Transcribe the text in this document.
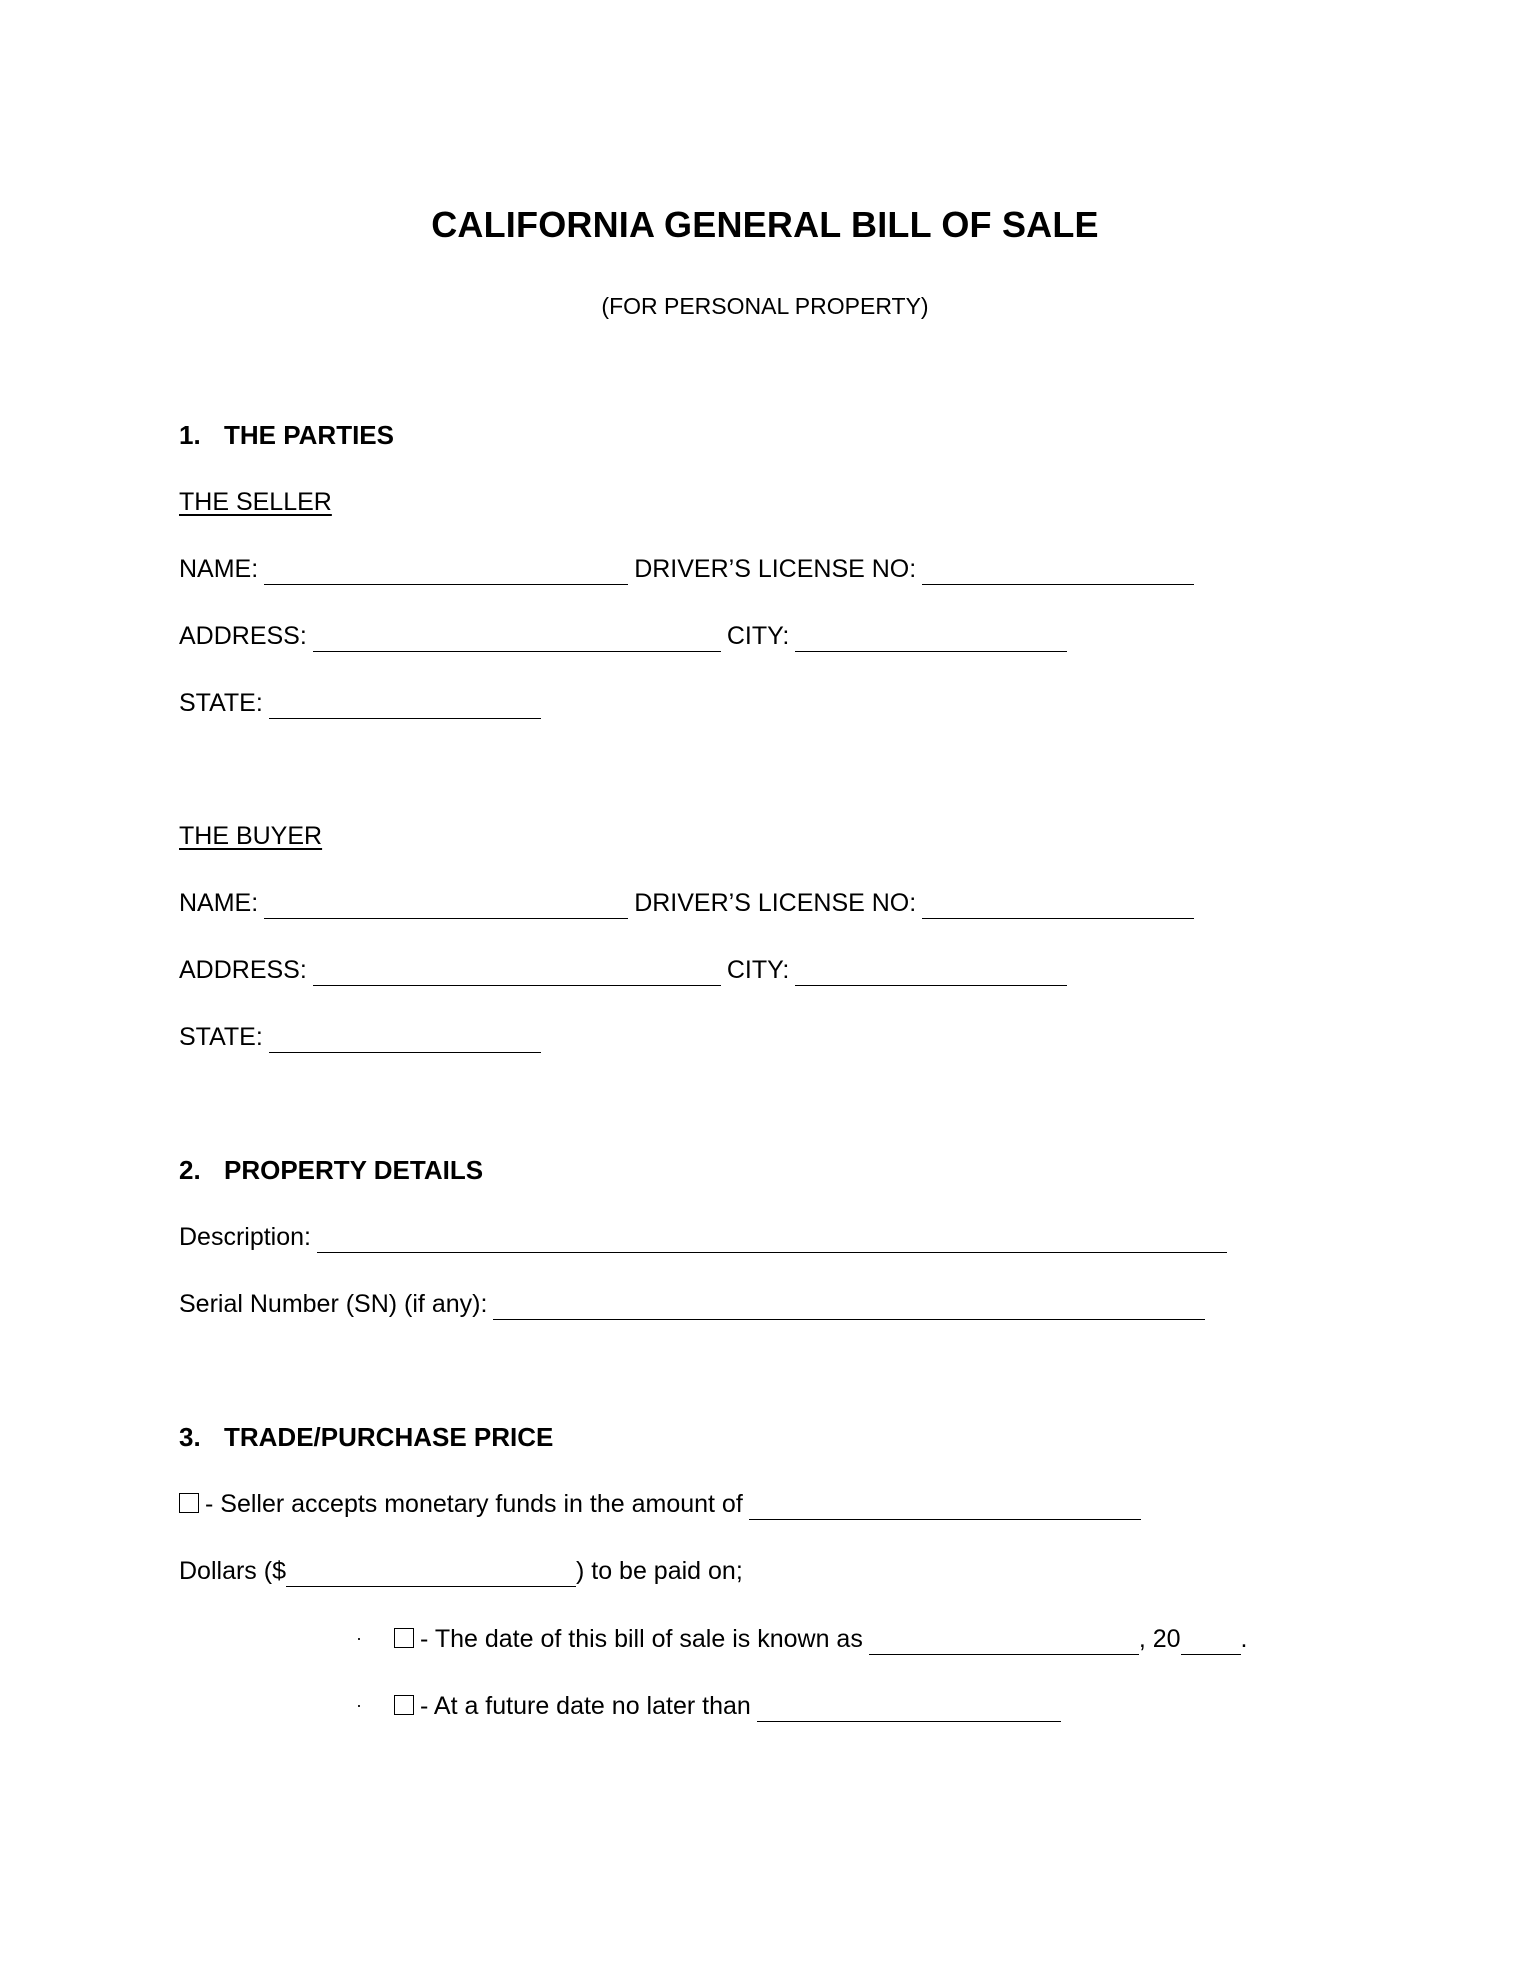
CALIFORNIA GENERAL BILL OF SALE
(FOR PERSONAL PROPERTY)
1. THE PARTIES
THE SELLER
NAME:	DRIVER’S LICENSE NO:
ADDRESS:	CITY:
STATE:
THE BUYER
NAME:	DRIVER’S LICENSE NO:
ADDRESS:	CITY:
STATE:
2. PROPERTY DETAILS
Description:
Serial Number (SN) (if any):
3. TRADE/PURCHASE PRICE
- Seller accepts monetary funds in the amount of
Dollars ($	) to be paid on;
· - The date of this bill of sale is known as	, 20 .
· - At a future date no later than
